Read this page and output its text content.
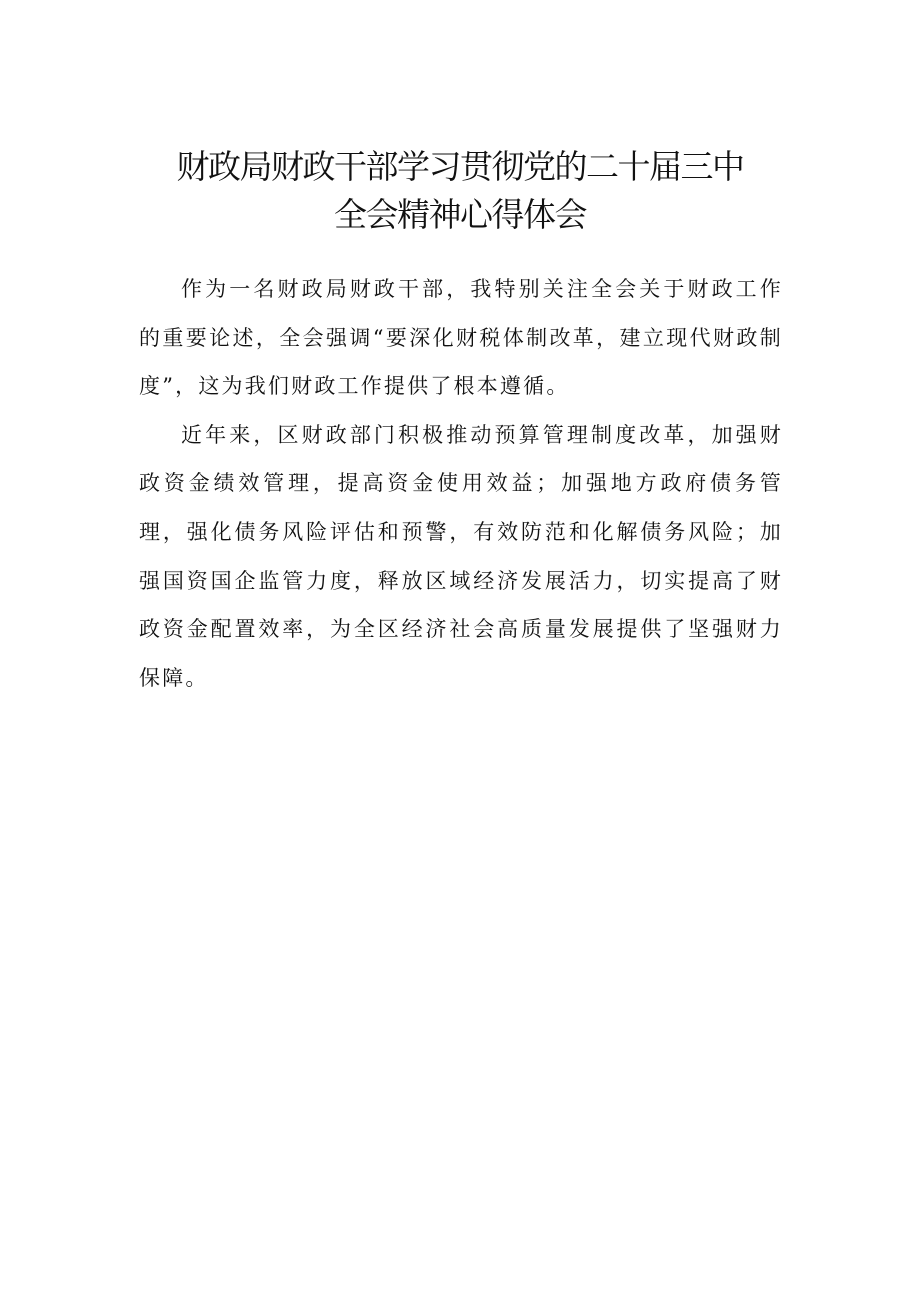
财政局财政干部学习贯彻党的二十届三中
全会精神心得体会

作为一名财政局财政干部，我特别关注全会关于财政工作的重要论述，全会强调“要深化财税体制改革，建立现代财政制度”，这为我们财政工作提供了根本遵循。

近年来，区财政部门积极推动预算管理制度改革，加强财政资金绩效管理，提高资金使用效益；加强地方政府债务管理，强化债务风险评估和预警，有效防范和化解债务风险；加强国资国企监管力度，释放区域经济发展活力，切实提高了财政资金配置效率，为全区经济社会高质量发展提供了坚强财力保障。
